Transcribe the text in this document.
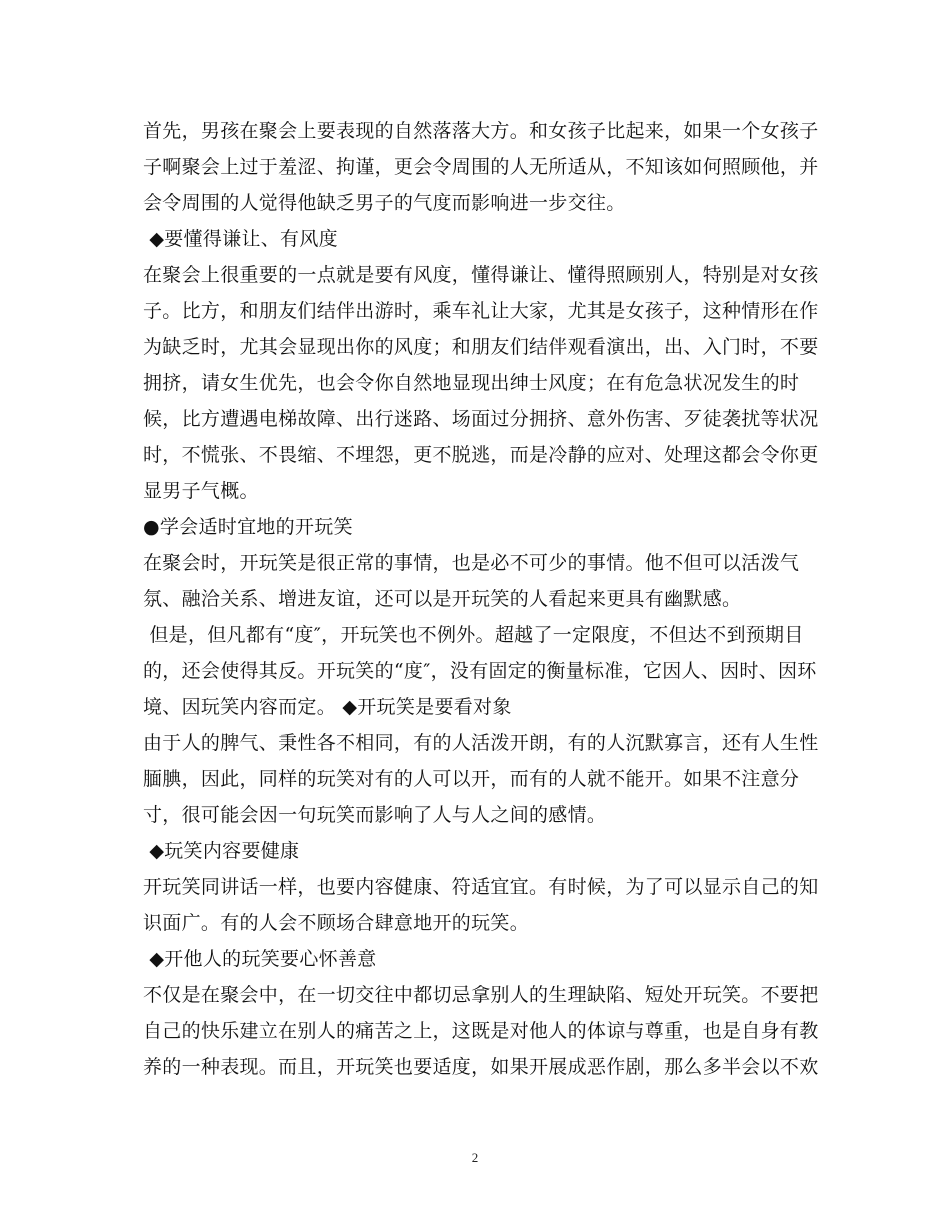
首先，男孩在聚会上要表现的自然落落大方。和女孩子比起来，如果一个女孩子
子啊聚会上过于羞涩、拘谨，更会令周围的人无所适从，不知该如何照顾他，并
会令周围的人觉得他缺乏男子的气度而影响进一步交往。
◆要懂得谦让、有风度
在聚会上很重要的一点就是要有风度，懂得谦让、懂得照顾别人，特别是对女孩
子。比方，和朋友们结伴出游时，乘车礼让大家，尤其是女孩子，这种情形在作
为缺乏时，尤其会显现出你的风度；和朋友们结伴观看演出，出、入门时，不要
拥挤，请女生优先，也会令你自然地显现出绅士风度；在有危急状况发生的时
候，比方遭遇电梯故障、出行迷路、场面过分拥挤、意外伤害、歹徒袭扰等状况
时，不慌张、不畏缩、不埋怨，更不脱逃，而是冷静的应对、处理这都会令你更
显男子气概。
●学会适时宜地的开玩笑
在聚会时，开玩笑是很正常的事情，也是必不可少的事情。他不但可以活泼气
氛、融洽关系、增进友谊，还可以是开玩笑的人看起来更具有幽默感。
但是，但凡都有“度″，开玩笑也不例外。超越了一定限度，不但达不到预期目
的，还会使得其反。开玩笑的“度″，没有固定的衡量标准，它因人、因时、因环
境、因玩笑内容而定。 ◆开玩笑是要看对象
由于人的脾气、秉性各不相同，有的人活泼开朗，有的人沉默寡言，还有人生性
腼腆，因此，同样的玩笑对有的人可以开，而有的人就不能开。如果不注意分
寸，很可能会因一句玩笑而影响了人与人之间的感情。
◆玩笑内容要健康
开玩笑同讲话一样，也要内容健康、符适宜宜。有时候，为了可以显示自己的知
识面广。有的人会不顾场合肆意地开的玩笑。
◆开他人的玩笑要心怀善意
不仅是在聚会中，在一切交往中都切忌拿别人的生理缺陷、短处开玩笑。不要把
自己的快乐建立在别人的痛苦之上，这既是对他人的体谅与尊重，也是自身有教
养的一种表现。而且，开玩笑也要适度，如果开展成恶作剧，那么多半会以不欢
2
